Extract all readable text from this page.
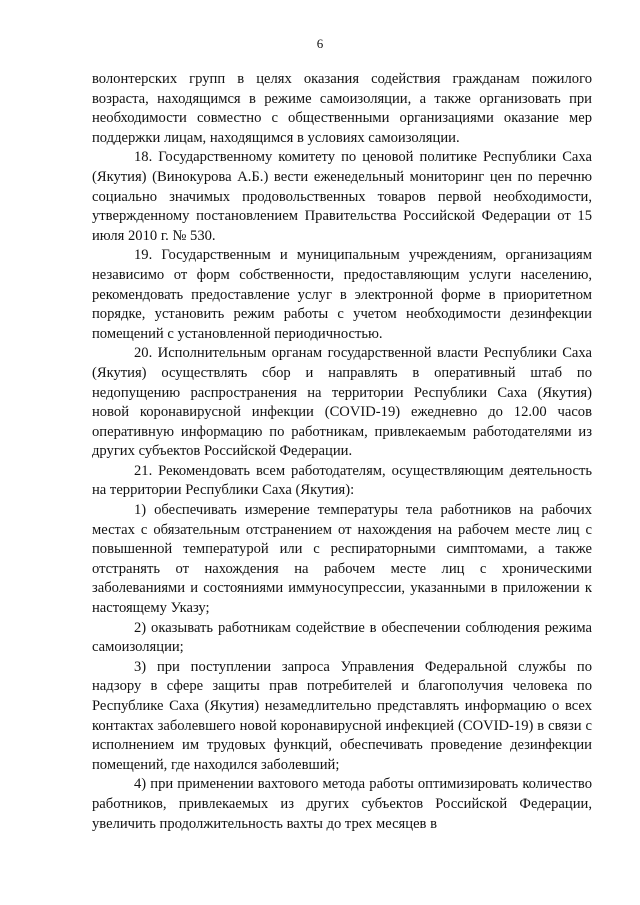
6

волонтерских групп в целях оказания содействия гражданам пожилого возраста, находящимся в режиме самоизоляции, а также организовать при необходимости совместно с общественными организациями оказание мер поддержки лицам, находящимся в условиях самоизоляции.

18. Государственному комитету по ценовой политике Республики Саха (Якутия) (Винокурова А.Б.) вести еженедельный мониторинг цен по перечню социально значимых продовольственных товаров первой необходимости, утвержденному постановлением Правительства Российской Федерации от 15 июля 2010 г. № 530.

19. Государственным и муниципальным учреждениям, организациям независимо от форм собственности, предоставляющим услуги населению, рекомендовать предоставление услуг в электронной форме в приоритетном порядке, установить режим работы с учетом необходимости дезинфекции помещений с установленной периодичностью.

20. Исполнительным органам государственной власти Республики Саха (Якутия) осуществлять сбор и направлять в оперативный штаб по недопущению распространения на территории Республики Саха (Якутия) новой коронавирусной инфекции (COVID-19) ежедневно до 12.00 часов оперативную информацию по работникам, привлекаемым работодателями из других субъектов Российской Федерации.

21. Рекомендовать всем работодателям, осуществляющим деятельность на территории Республики Саха (Якутия):

1) обеспечивать измерение температуры тела работников на рабочих местах с обязательным отстранением от нахождения на рабочем месте лиц с повышенной температурой или с респираторными симптомами, а также отстранять от нахождения на рабочем месте лиц с хроническими заболеваниями и состояниями иммуносупрессии, указанными в приложении к настоящему Указу;

2) оказывать работникам содействие в обеспечении соблюдения режима самоизоляции;

3) при поступлении запроса Управления Федеральной службы по надзору в сфере защиты прав потребителей и благополучия человека по Республике Саха (Якутия) незамедлительно представлять информацию о всех контактах заболевшего новой коронавирусной инфекцией (COVID-19) в связи с исполнением им трудовых функций, обеспечивать проведение дезинфекции помещений, где находился заболевший;

4) при применении вахтового метода работы оптимизировать количество работников, привлекаемых из других субъектов Российской Федерации, увеличить продолжительность вахты до трех месяцев в
